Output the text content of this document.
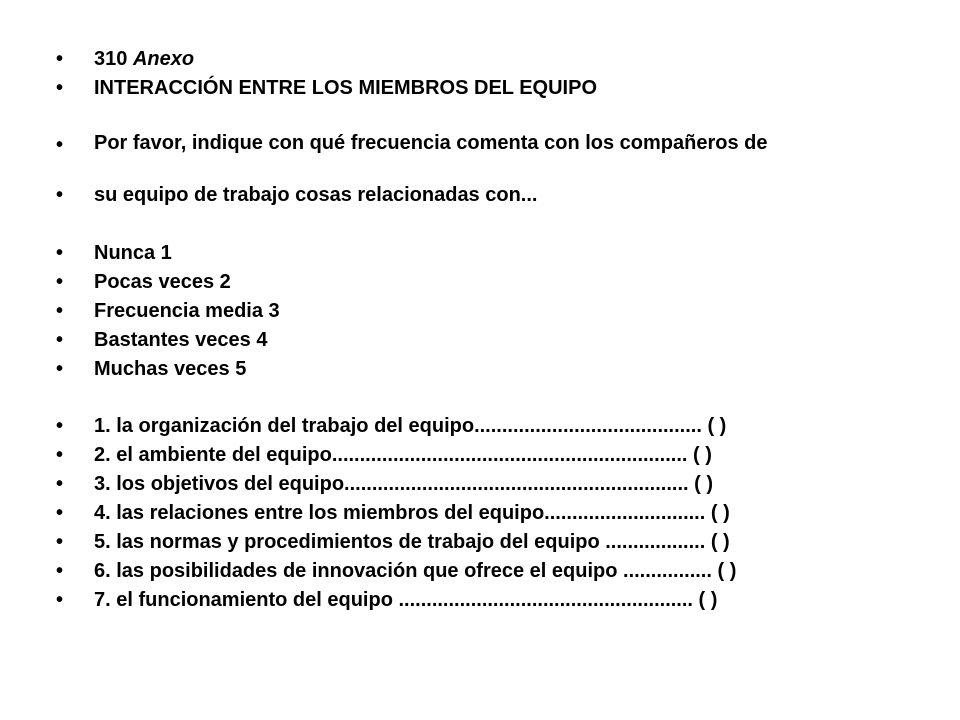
•	310 Anexo
•	INTERACCIÓN ENTRE LOS MIEMBROS DEL EQUIPO
•	Por favor, indique con qué frecuencia comenta con los compañeros de
•	su equipo de trabajo cosas relacionadas con...
•	Nunca 1
•	Pocas veces 2
•	Frecuencia media 3
•	Bastantes veces 4
•	Muchas veces 5
•	1. la organización del trabajo del equipo......................................... ( )
•	2. el ambiente del equipo................................................................ ( )
•	3. los objetivos del equipo.............................................................. ( )
•	4. las relaciones entre los miembros del equipo............................. ( )
•	5. las normas y procedimientos de trabajo del equipo .................. ( )
•	6. las posibilidades de innovación que ofrece el equipo ................ ( )
•	7. el funcionamiento del equipo ..................................................... ( )
